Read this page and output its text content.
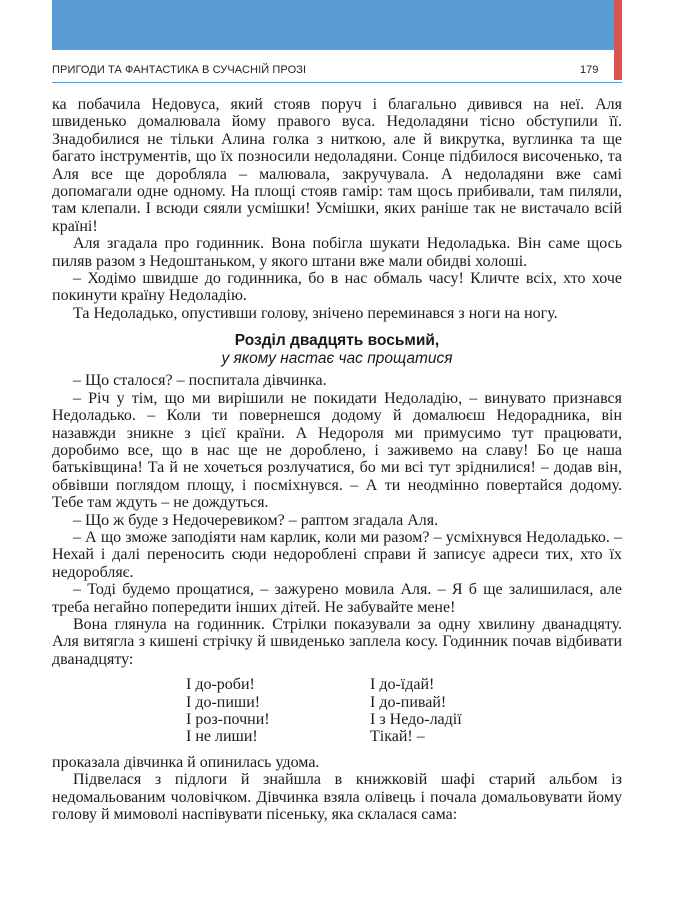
ПРИГОДИ ТА ФАНТАСТИКА В СУЧАСНІЙ ПРОЗІ	179

ка побачила Недовуса, який стояв поруч і благально дивився на неї. Аля швиденько домалювала йому правого вуса. Недоладяни тісно обступили її. Знадобилися не тільки Алина голка з ниткою, але й викрутка, вуглинка та ще багато інструментів, що їх позносили недоладяни. Сонце підбилося височенько, та Аля все ще доробляла – малювала, закручувала. А недоладяни вже самі допомагали одне одному. На площі стояв гамір: там щось прибивали, там пиляли, там клепали. І всюди сяяли усмішки! Усмішки, яких раніше так не вистачало всій країні!

Аля згадала про годинник. Вона побігла шукати Недоладька. Він саме щось пиляв разом з Недоштаньком, у якого штани вже мали обидві холоші.

– Ходімо швидше до годинника, бо в нас обмаль часу! Кличте всіх, хто хоче покинути країну Недоладію.

Та Недоладько, опустивши голову, знічено переминався з ноги на ногу.

Розділ двадцять восьмий,
у якому настає час прощатися

– Що сталося? – поспитала дівчинка.

– Річ у тім, що ми вирішили не покидати Недоладію, – винувато признався Недоладько. – Коли ти повернешся додому й домалюєш Недорадника, він назавжди зникне з цієї країни. А Недороля ми примусимо тут працювати, доробимо все, що в нас ще не дороблено, і заживемо на славу! Бо це наша батьківщина! Та й не хочеться розлучатися, бо ми всі тут зріднилися! – додав він, обвівши поглядом площу, і посміхнувся. – А ти неодмінно повертайся додому. Тебе там ждуть – не дождуться.

– Що ж буде з Недочеревиком? – раптом згадала Аля.

– А що зможе заподіяти нам карлик, коли ми разом? – усміхнувся Недоладько. – Нехай і далі переносить сюди недороблені справи й записує адреси тих, хто їх недоробляє.

– Тоді будемо прощатися, – зажурено мовила Аля. – Я б ще залишилася, але треба негайно попередити інших дітей. Не забувайте мене!

Вона глянула на годинник. Стрілки показували за одну хвилину дванадцяту. Аля витягла з кишені стрічку й швиденько заплела косу. Годинник почав відбивати дванадцяту:

І до-роби!
І до-пиши!
І роз-почни!
І не лиши!
І до-їдай!
І до-пивай!
І з Недо-ладії
Тікай! –

проказала дівчинка й опинилась удома.

Підвелася з підлоги й знайшла в книжковій шафі старий альбом із недомальованим чоловічком. Дівчинка взяла олівець і почала домальовувати йому голову й мимоволі наспівувати пісеньку, яка склалася сама:
